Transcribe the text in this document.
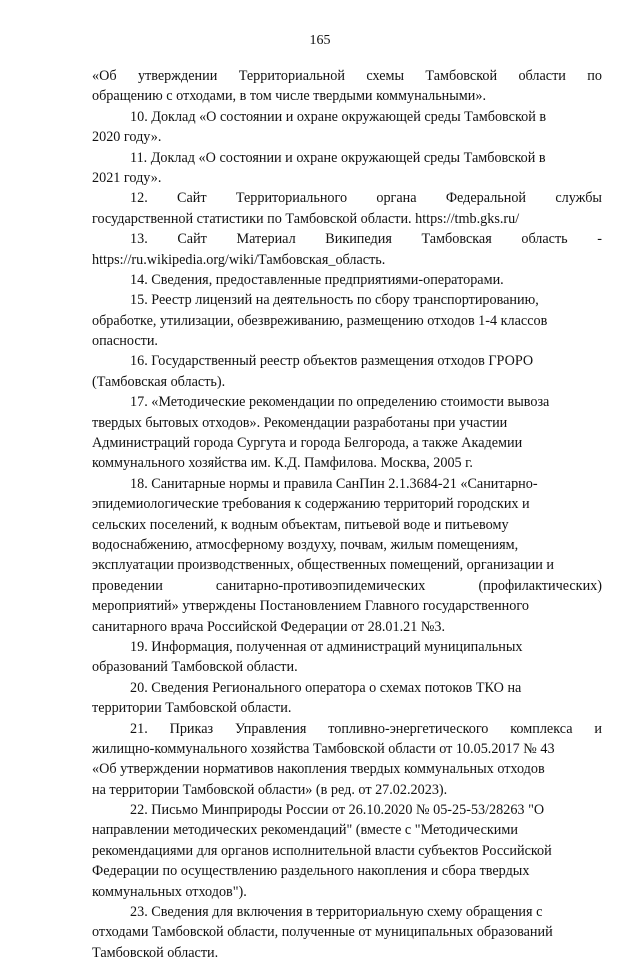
165
«Об утверждении Территориальной схемы Тамбовской области по
обращению с отходами, в том числе твердыми коммунальными».
10. Доклад «О состоянии и охране окружающей среды Тамбовской в
2020 году».
11. Доклад «О состоянии и охране окружающей среды Тамбовской в
2021 году».
12. Сайт Территориального органа Федеральной службы
государственной статистики по Тамбовской области. https://tmb.gks.ru/
13. Сайт Материал Википедия Тамбовская область -
https://ru.wikipedia.org/wiki/Тамбовская_область.
14. Сведения, предоставленные предприятиями-операторами.
15. Реестр лицензий на деятельность по сбору транспортированию,
обработке, утилизации, обезвреживанию, размещению отходов 1-4 классов
опасности.
16. Государственный реестр объектов размещения отходов ГРОРО
(Тамбовская область).
17. «Методические рекомендации по определению стоимости вывоза
твердых бытовых отходов». Рекомендации разработаны при участии
Администраций города Сургута и города Белгорода, а также Академии
коммунального хозяйства им. К.Д. Памфилова. Москва, 2005 г.
18. Санитарные нормы и правила СанПин 2.1.3684-21 «Санитарно-
эпидемиологические требования к содержанию территорий городских и
сельских поселений, к водным объектам, питьевой воде и питьевому
водоснабжению, атмосферному воздуху, почвам, жилым помещениям,
эксплуатации производственных, общественных помещений, организации и
проведении	санитарно-противоэпидемических	(профилактических)
мероприятий» утверждены Постановлением Главного государственного
санитарного врача Российской Федерации от 28.01.21 №3.
19. Информация, полученная от администраций муниципальных
образований Тамбовской области.
20. Сведения Регионального оператора о схемах потоков ТКО на
территории Тамбовской области.
21. Приказ Управления топливно-энергетического комплекса и
жилищно-коммунального хозяйства Тамбовской области от 10.05.2017 № 43
«Об утверждении нормативов накопления твердых коммунальных отходов
на территории Тамбовской области» (в ред. от 27.02.2023).
22. Письмо Минприроды России от 26.10.2020 № 05-25-53/28263 "О
направлении методических рекомендаций" (вместе с "Методическими
рекомендациями для органов исполнительной власти субъектов Российской
Федерации по осуществлению раздельного накопления и сбора твердых
коммунальных отходов").
23. Сведения для включения в территориальную схему обращения с
отходами Тамбовской области, полученные от муниципальных образований
Тамбовской области.
